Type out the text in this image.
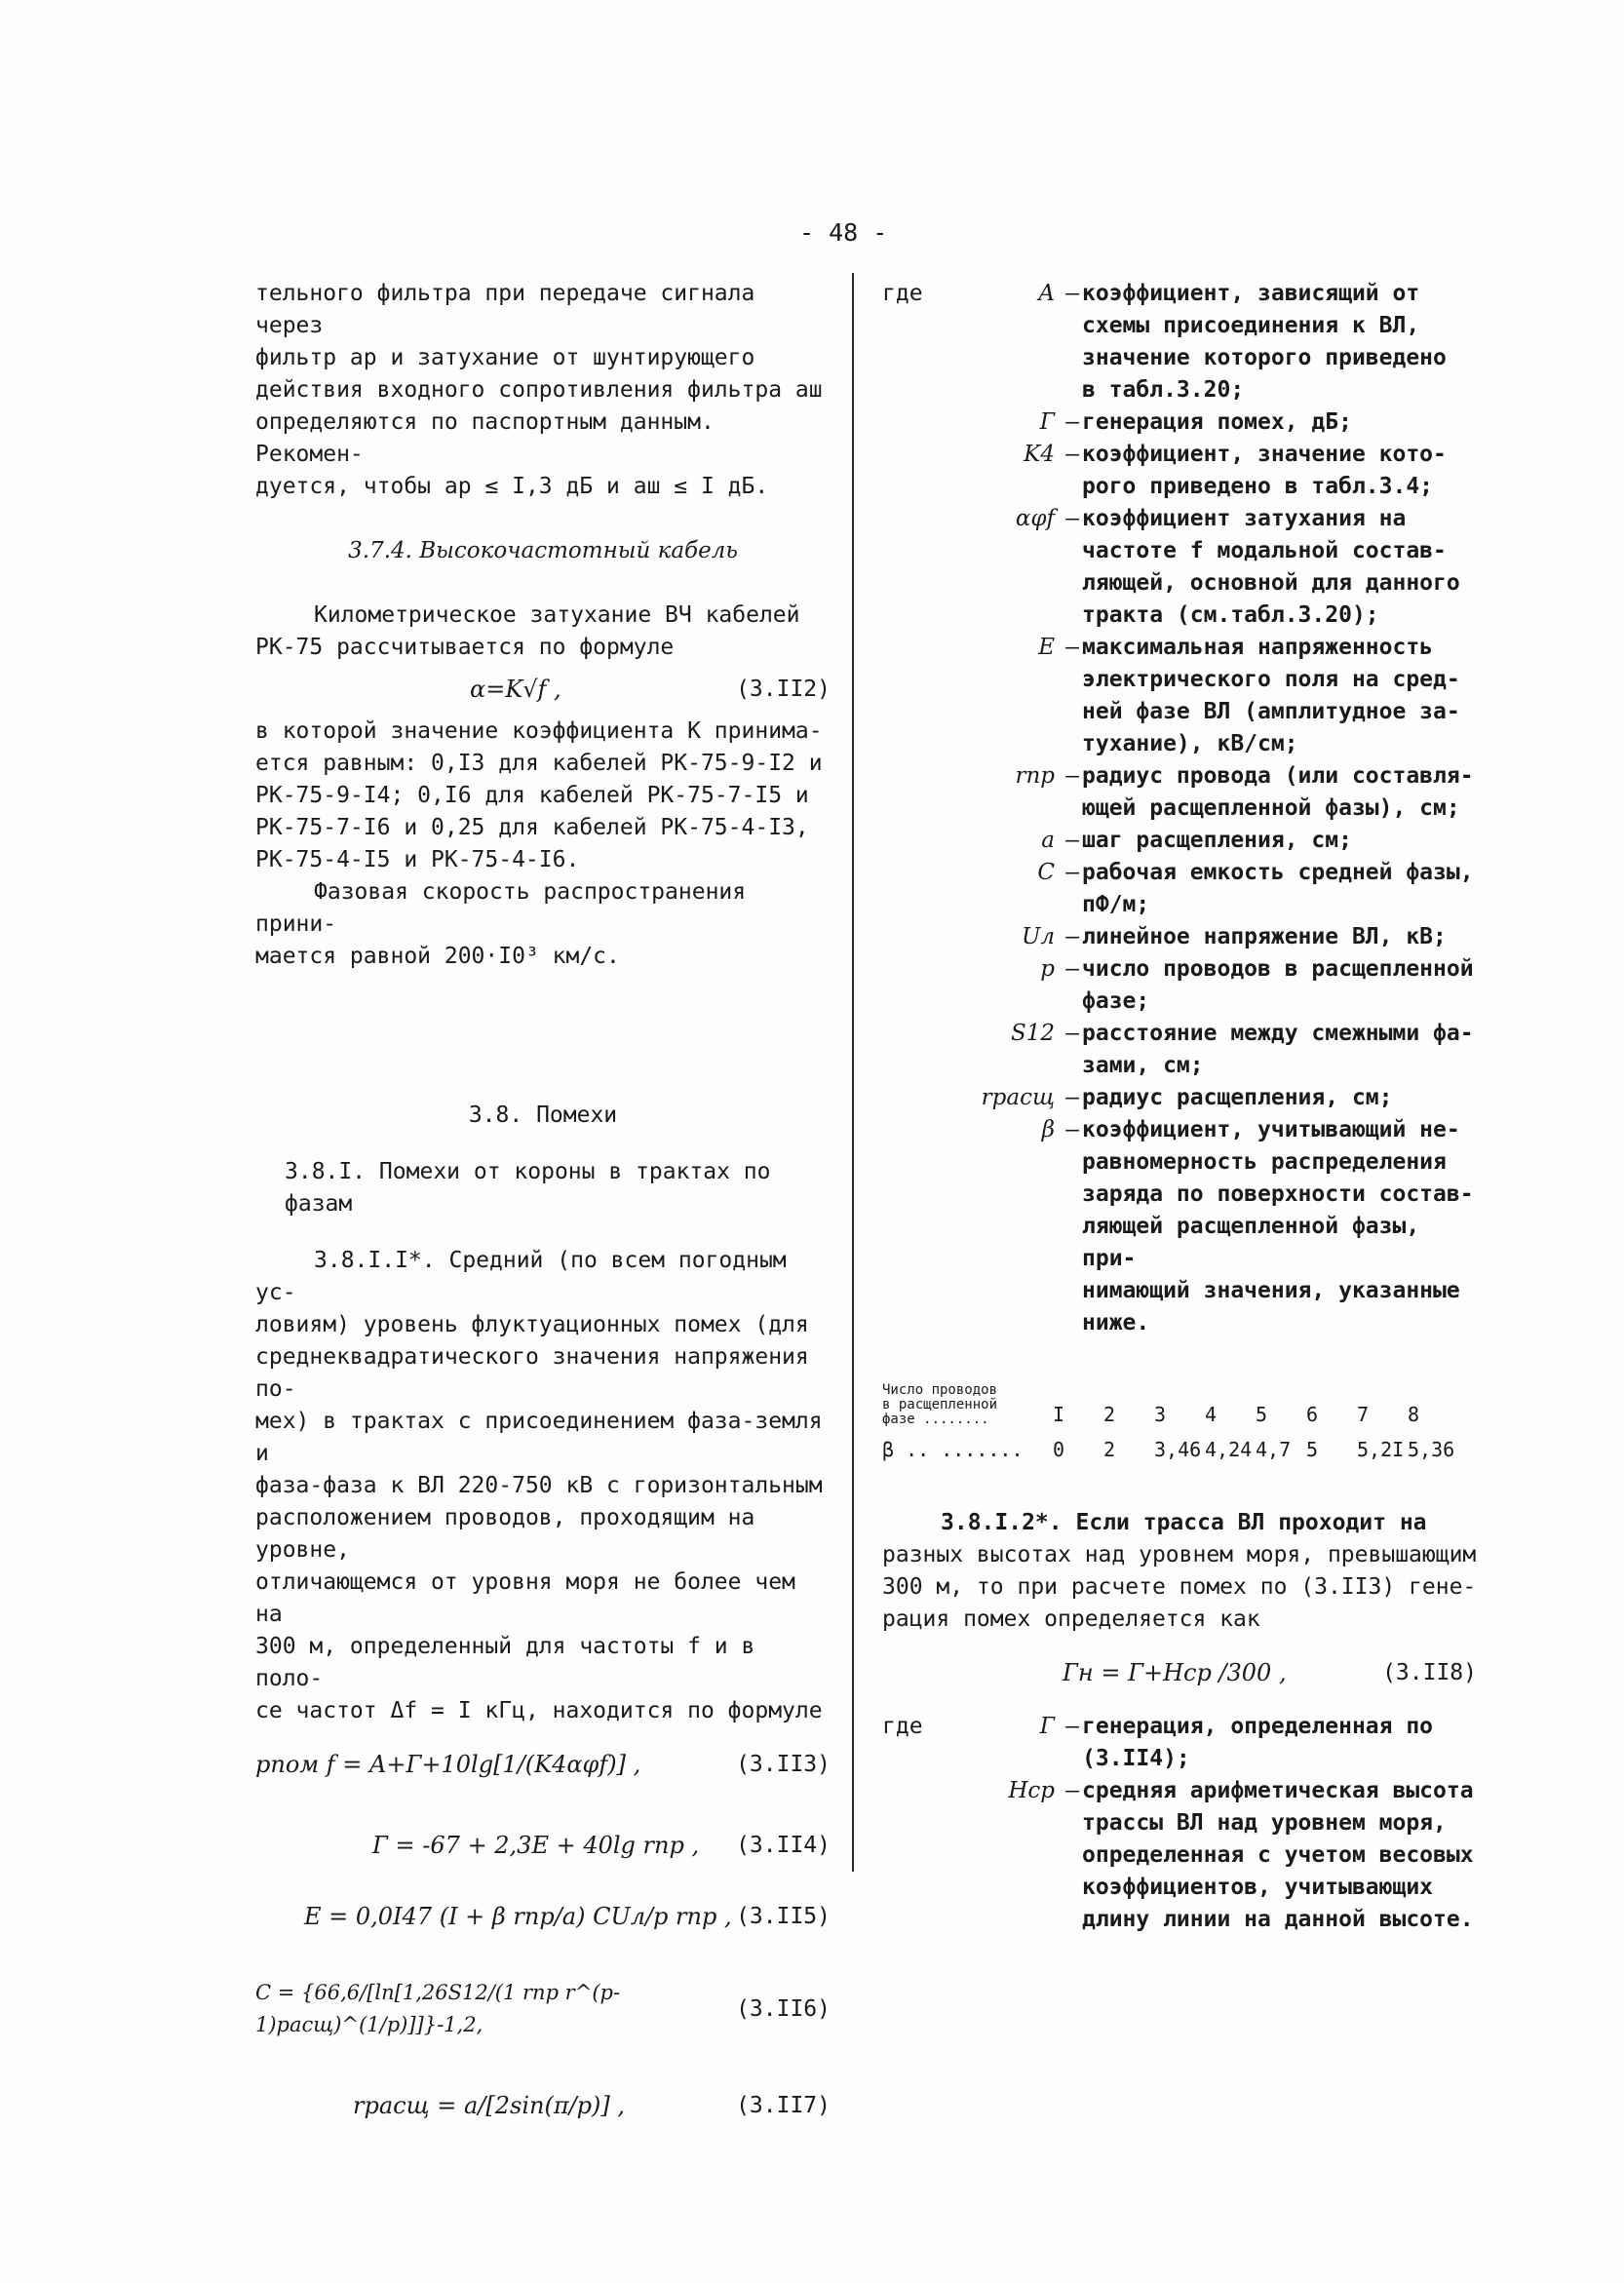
- 48 -

тельного фильтра при передаче сигнала через

фильтр aр и затухание от шунтирующего

действия входного сопротивления фильтра aш

определяются по паспортным данным. Рекомен-

дуется, чтобы aр ≤ I,3 дБ и aш ≤ I дБ.

3.7.4. Высокочастотный кабель

Километрическое затухание ВЧ кабелей

РК-75 рассчитывается по формуле

α=K√f ,	(3.II2)

в которой значение коэффициента K принима-

ется равным: 0,I3 для кабелей РК-75-9-I2 и

РК-75-9-I4; 0,I6 для кабелей РК-75-7-I5 и

РК-75-7-I6 и 0,25 для кабелей РК-75-4-I3,

РК-75-4-I5 и РК-75-4-I6.

Фазовая скорость распространения прини-

мается равной 200·I0³ км/с.

3.8. Помехи

3.8.I. Помехи от короны в трактах по фазам

3.8.I.I*. Средний (по всем погодным ус-

ловиям) уровень флуктуационных помех (для

среднеквадратического значения напряжения по-

мех) в трактах с присоединением фаза-земля и

фаза-фаза к ВЛ 220-750 кВ с горизонтальным

расположением проводов, проходящим на уровне,

отличающемся от уровня моря не более чем на

300 м, определенный для частоты f и в поло-

се частот Δf = I кГц, находится по формуле

pпом f = A+Г+10lg[1/(K4αφf)] ,	(3.II3)
Г = -67 + 2,3E + 40lg rпр , (3.II4)
E = 0,0I47 (I + β rпр/a) CUл/p rпр , (3.II5)
C = {66,6/[ln[1,26S12/(1 rпр r^(p-1)расщ)^(1/p)]]}-1,2,
(3.II6)
rрасщ = a/[2sin(π/p)] ,	(3.II7)
где	A – коэффициент, зависящий от
схемы присоединения к ВЛ,
значение которого приведено
в табл.3.20;
Г – генерация помех, дБ;
K4 – коэффициент, значение кото-
рого приведено в табл.3.4;
αφf – коэффициент затухания на
частоте f модальной состав-
ляющей, основной для данного
тракта (см.табл.3.20);
E – максимальная напряженность
электрического поля на сред-
ней фазе ВЛ (амплитудное за-
тухание), кВ/см;
rпр – радиус провода (или составля-
ющей расщепленной фазы), см;
a – шаг расщепления, см;
C – рабочая емкость средней фазы,
пФ/м;
Uл – линейное напряжение ВЛ, кВ;
p – число проводов в расщепленной
фазе;
S12 – расстояние между смежными фа-
зами, см;
rрасщ – радиус расщепления, см;
β – коэффициент, учитывающий не-
равномерность распределения
заряда по поверхности состав-
ляющей расщепленной фазы, при-
нимающий значения, указанные
ниже.
Число проводов
в расщепленной
фазе ........	I	2	3	4	5	6	7	8
β .. .......	0	2	3,46 4,24 4,7 5	5,2I 5,36

3.8.I.2*. Если трасса ВЛ проходит на

разных высотах над уровнем моря, превышающим

300 м, то при расчете помех по (3.II3) гене-

рация помех определяется как

Гн = Г+Hср /300 ,	(3.II8)
где	Г – генерация, определенная по
(3.II4);
Hср – средняя арифметическая высота
трассы ВЛ над уровнем моря,
определенная с учетом весовых
коэффициентов, учитывающих
длину линии на данной высоте.
